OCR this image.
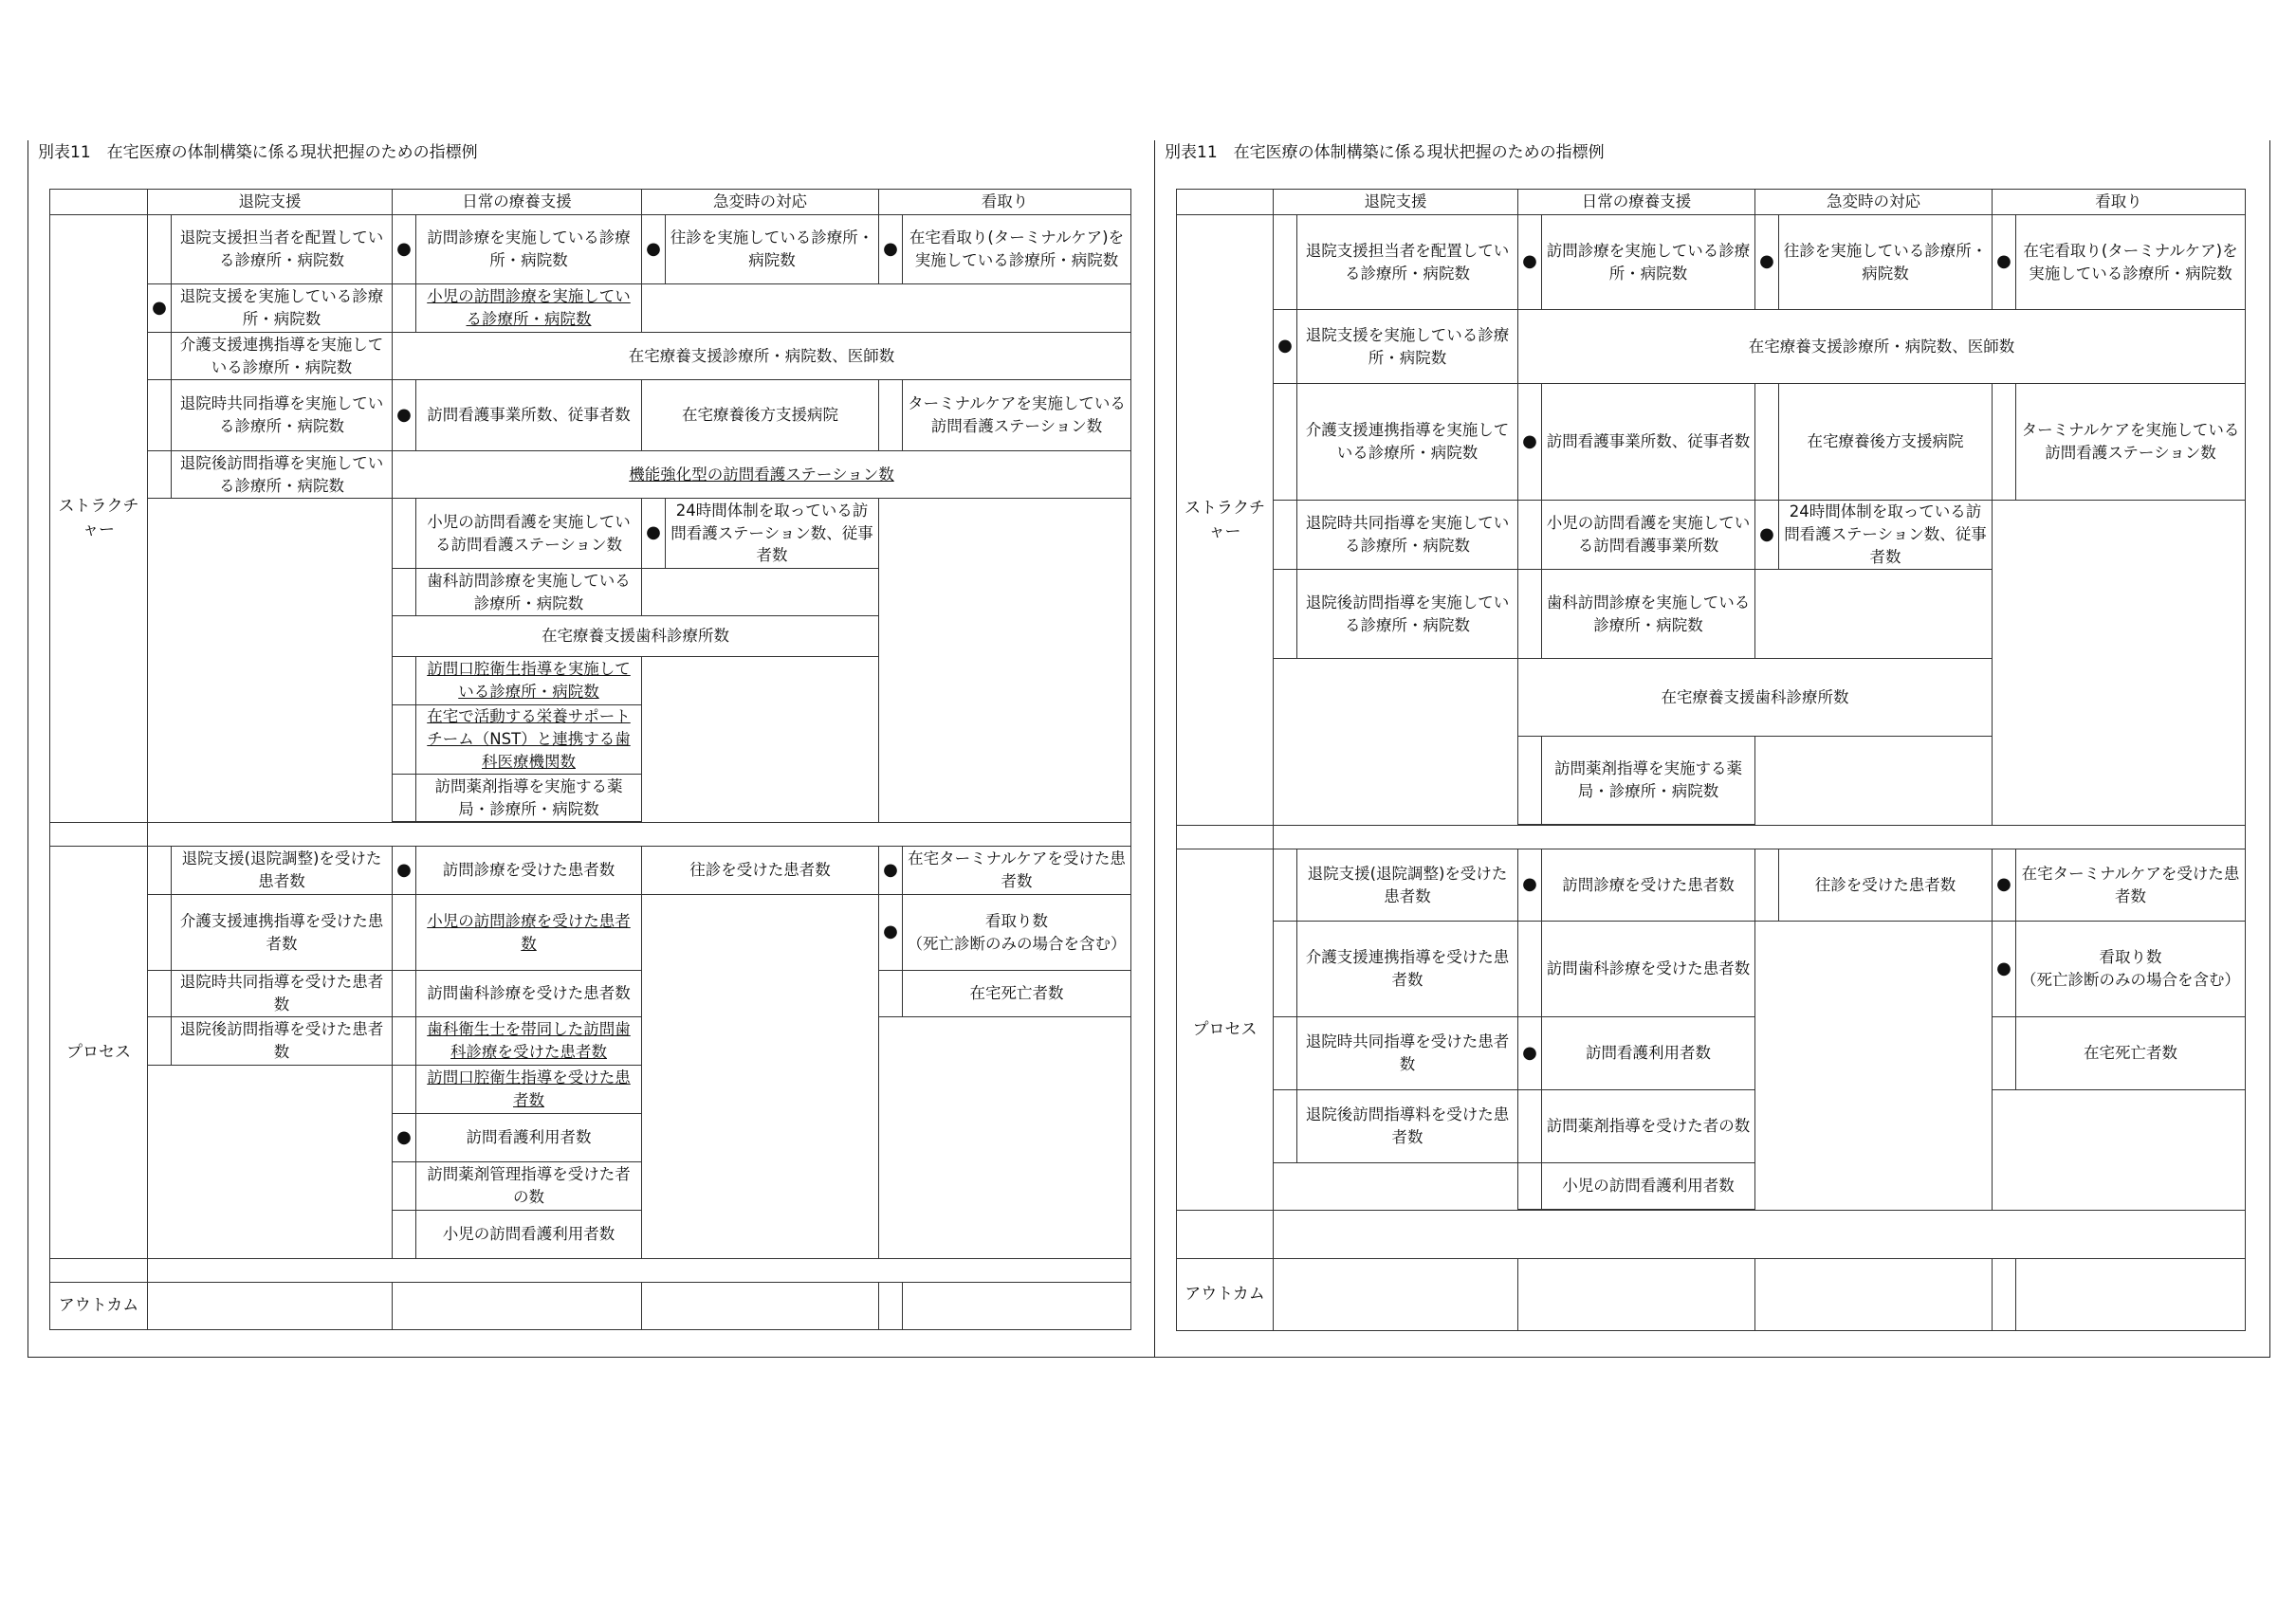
別表11　在宅医療の体制構築に係る現状把握のための指標例
	退院支援		日常の療養支援		急変時の対応		看取り	
ストラクチャー		退院支援担当者を配置している診療所・病院数	●	訪問診療を実施している診療所・病院数	●	往診を実施している診療所・病院数	●	在宅看取り(ターミナルケア)を実施している診療所・病院数
	●	退院支援を実施している診療所・病院数		小児の訪問診療を実施している診療所・病院数				
		介護支援連携指導を実施している診療所・病院数	在宅療養支援診療所・病院数、医師数					
		退院時共同指導を実施している診療所・病院数	●	訪問看護事業所数、従事者数	在宅療養後方支援病院			ターミナルケアを実施している訪問看護ステーション数
		退院後訪問指導を実施している診療所・病院数	機能強化型の訪問看護ステーション数					
				小児の訪問看護を実施している訪問看護ステーション数	●	24時間体制を取っている訪問看護ステーション数、従事者数		
				歯科訪問診療を実施している診療所・病院数				
			在宅療養支援歯科診療所数					
				訪問口腔衛生指導を実施している診療所・病院数				
				在宅で活動する栄養サポートチーム（NST）と連携する歯科医療機関数				
				訪問薬剤指導を実施する薬局・診療所・病院数				

プロセス		退院支援(退院調整)を受けた患者数	●	訪問診療を受けた患者数	往診を受けた患者数		●	在宅ターミナルケアを受けた患者数
		介護支援連携指導を受けた患者数		小児の訪問診療を受けた患者数			●	看取り数
（死亡診断のみの場合を含む）
		退院時共同指導を受けた患者数		訪問歯科診療を受けた患者数				在宅死亡者数
		退院後訪問指導を受けた患者数		歯科衛生士を帯同した訪問歯科診療を受けた患者数				
				訪問口腔衛生指導を受けた患者数				
			●	訪問看護利用者数				
				訪問薬剤管理指導を受けた者の数				
				小児の訪問看護利用者数				

アウトカム								
別表11　在宅医療の体制構築に係る現状把握のための指標例
	退院支援		日常の療養支援		急変時の対応		看取り	
ストラクチャー		退院支援担当者を配置している診療所・病院数	●	訪問診療を実施している診療所・病院数	●	往診を実施している診療所・病院数	●	在宅看取り(ターミナルケア)を実施している診療所・病院数
	●	退院支援を実施している診療所・病院数	在宅療養支援診療所・病院数、医師数					
		介護支援連携指導を実施している診療所・病院数	●	訪問看護事業所数、従事者数		在宅療養後方支援病院		ターミナルケアを実施している訪問看護ステーション数
		退院時共同指導を実施している診療所・病院数		小児の訪問看護を実施している訪問看護事業所数	●	24時間体制を取っている訪問看護ステーション数、従事者数		
		退院後訪問指導を実施している診療所・病院数		歯科訪問診療を実施している診療所・病院数				
			在宅療養支援歯科診療所数					
				訪問薬剤指導を実施する薬局・診療所・病院数				

プロセス		退院支援(退院調整)を受けた患者数	●	訪問診療を受けた患者数		往診を受けた患者数	●	在宅ターミナルケアを受けた患者数
		介護支援連携指導を受けた患者数		訪問歯科診療を受けた患者数			●	看取り数
（死亡診断のみの場合を含む）
		退院時共同指導を受けた患者数	●	訪問看護利用者数				在宅死亡者数
		退院後訪問指導料を受けた患者数		訪問薬剤指導を受けた者の数				
				小児の訪問看護利用者数				

アウトカム								
